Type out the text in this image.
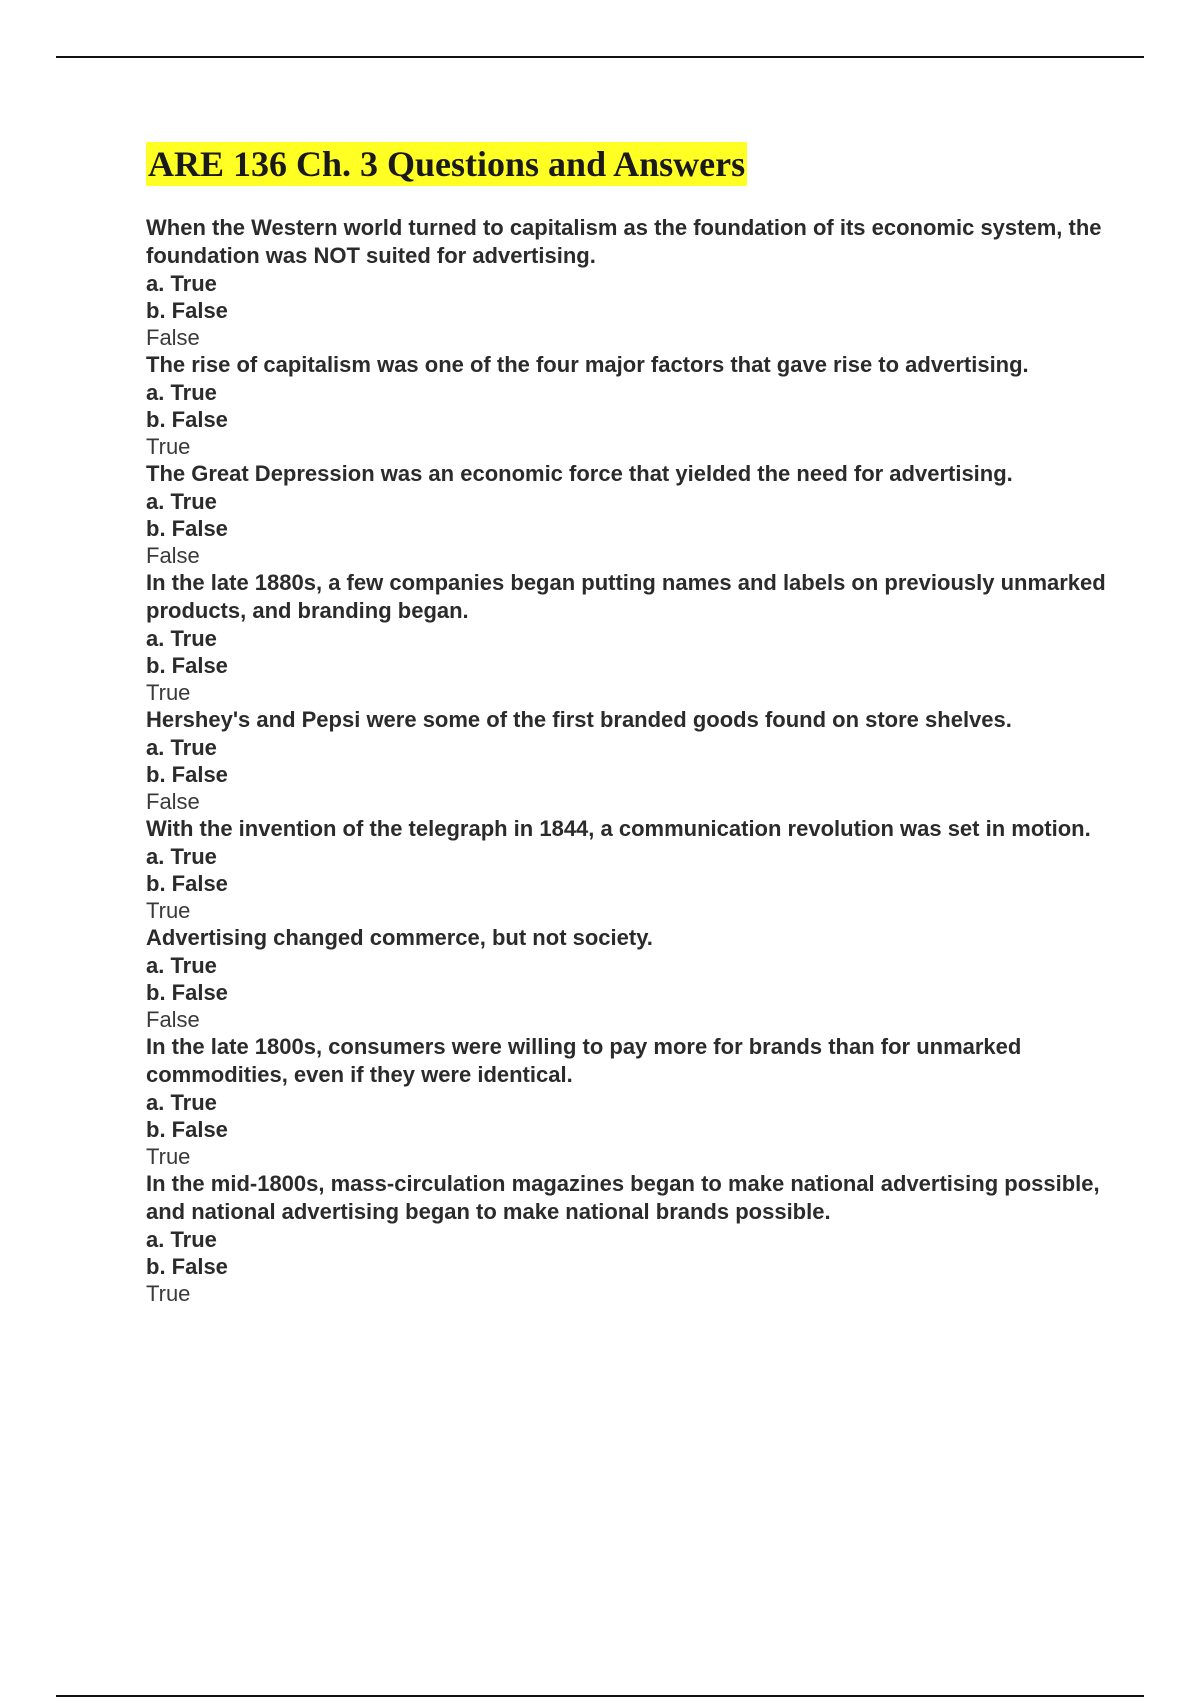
ARE 136 Ch. 3 Questions and Answers
When the Western world turned to capitalism as the foundation of its economic system, the foundation was NOT suited for advertising.
a. True
b. False
False
The rise of capitalism was one of the four major factors that gave rise to advertising.
a. True
b. False
True
The Great Depression was an economic force that yielded the need for advertising.
a. True
b. False
False
In the late 1880s, a few companies began putting names and labels on previously unmarked products, and branding began.
a. True
b. False
True
Hershey's and Pepsi were some of the first branded goods found on store shelves.
a. True
b. False
False
With the invention of the telegraph in 1844, a communication revolution was set in motion.
a. True
b. False
True
Advertising changed commerce, but not society.
a. True
b. False
False
In the late 1800s, consumers were willing to pay more for brands than for unmarked commodities, even if they were identical.
a. True
b. False
True
In the mid-1800s, mass-circulation magazines began to make national advertising possible, and national advertising began to make national brands possible.
a. True
b. False
True
